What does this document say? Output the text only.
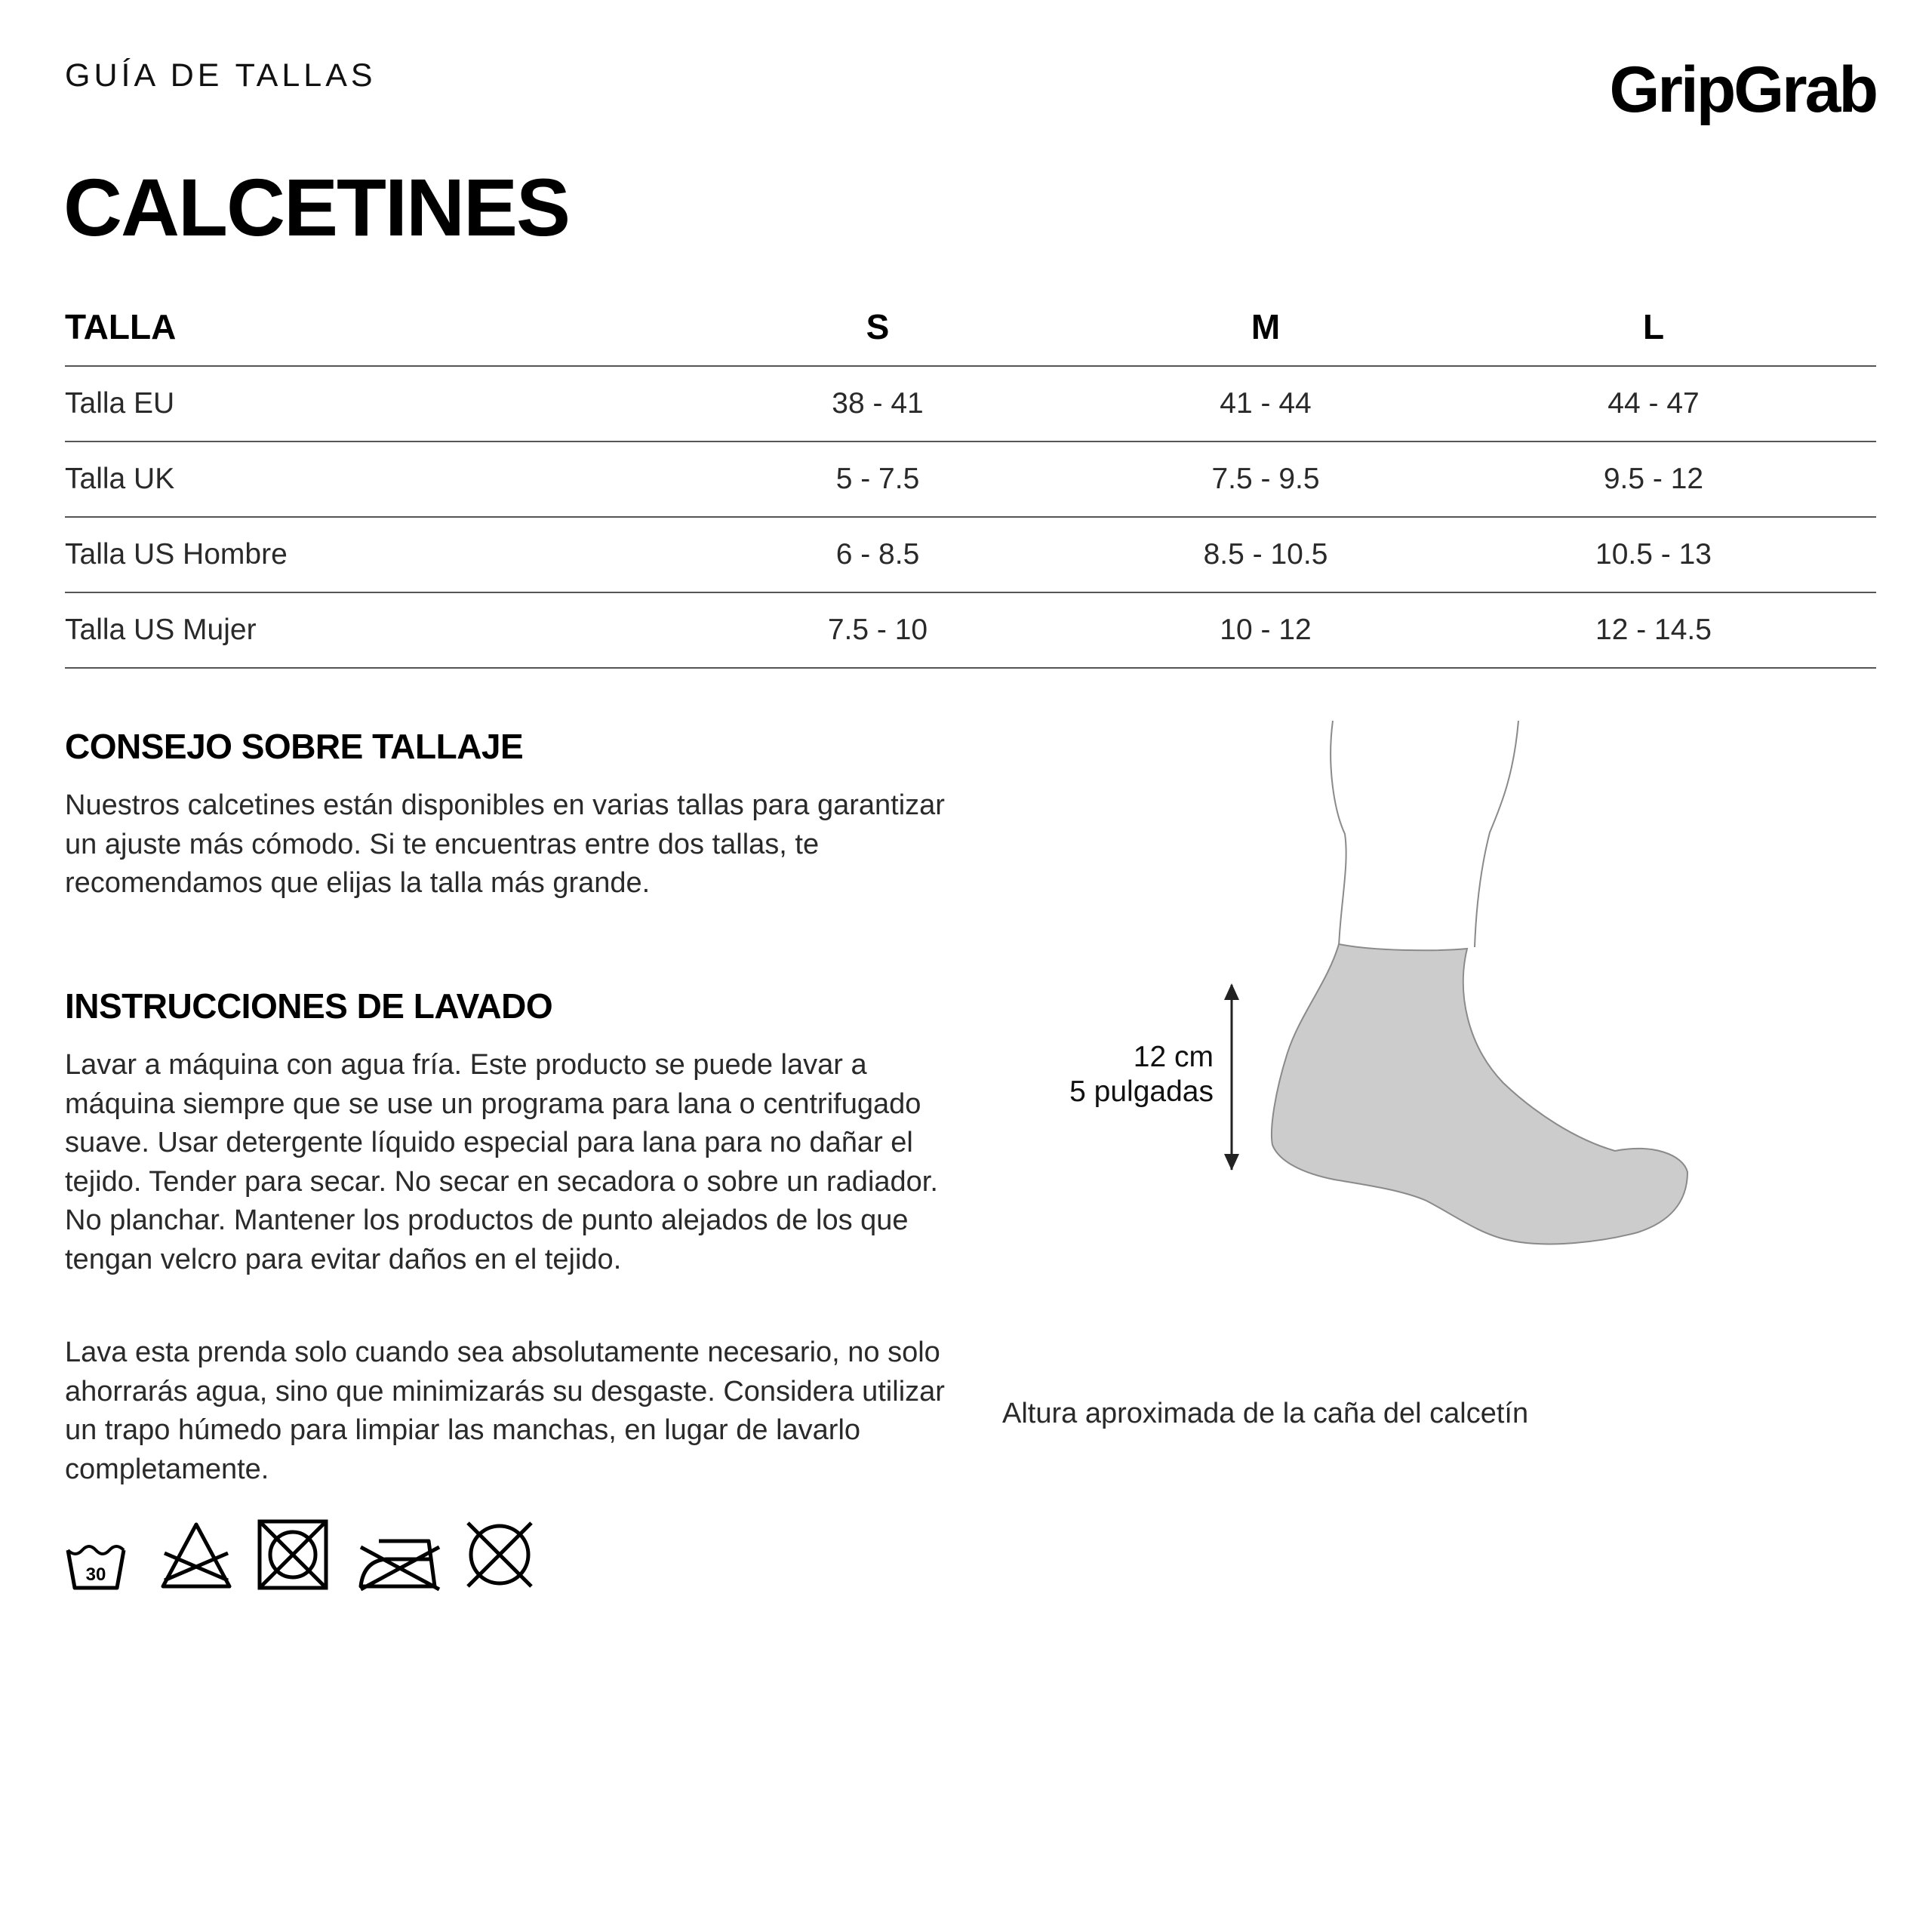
GUÍA DE TALLAS	GripGrab
CALCETINES
TALLA	S	M	L	
Talla EU	38 - 41	41 - 44	44 - 47	
Talla UK	5 - 7.5	7.5 - 9.5	9.5 - 12	
Talla US Hombre	6 - 8.5	8.5 - 10.5	10.5 - 13	
Talla US Mujer	7.5 - 10	10 - 12	12 - 14.5	
CONSEJO SOBRE TALLAJE

Nuestros calcetines están disponibles en varias tallas para garantizar un ajuste más cómodo. Si te encuentras entre dos tallas, te recomendamos que elijas la talla más grande.

INSTRUCCIONES DE LAVADO

Lavar a máquina con agua fría. Este producto se puede lavar a máquina siempre que se use un programa para lana o centrifugado suave. Usar detergente líquido especial para lana para no dañar el tejido. Tender para secar. No secar en secadora o sobre un radiador. No planchar. Mantener los productos de punto alejados de los que tengan velcro para evitar daños en el tejido.

Lava esta prenda solo cuando sea absolutamente necesario, no solo ahorrarás agua, sino que minimizarás su desgaste. Considera utilizar un trapo húmedo para limpiar las manchas, en lugar de lavarlo completamente.

30
12 cm
5 pulgadas
Altura aproximada de la caña del calcetín
